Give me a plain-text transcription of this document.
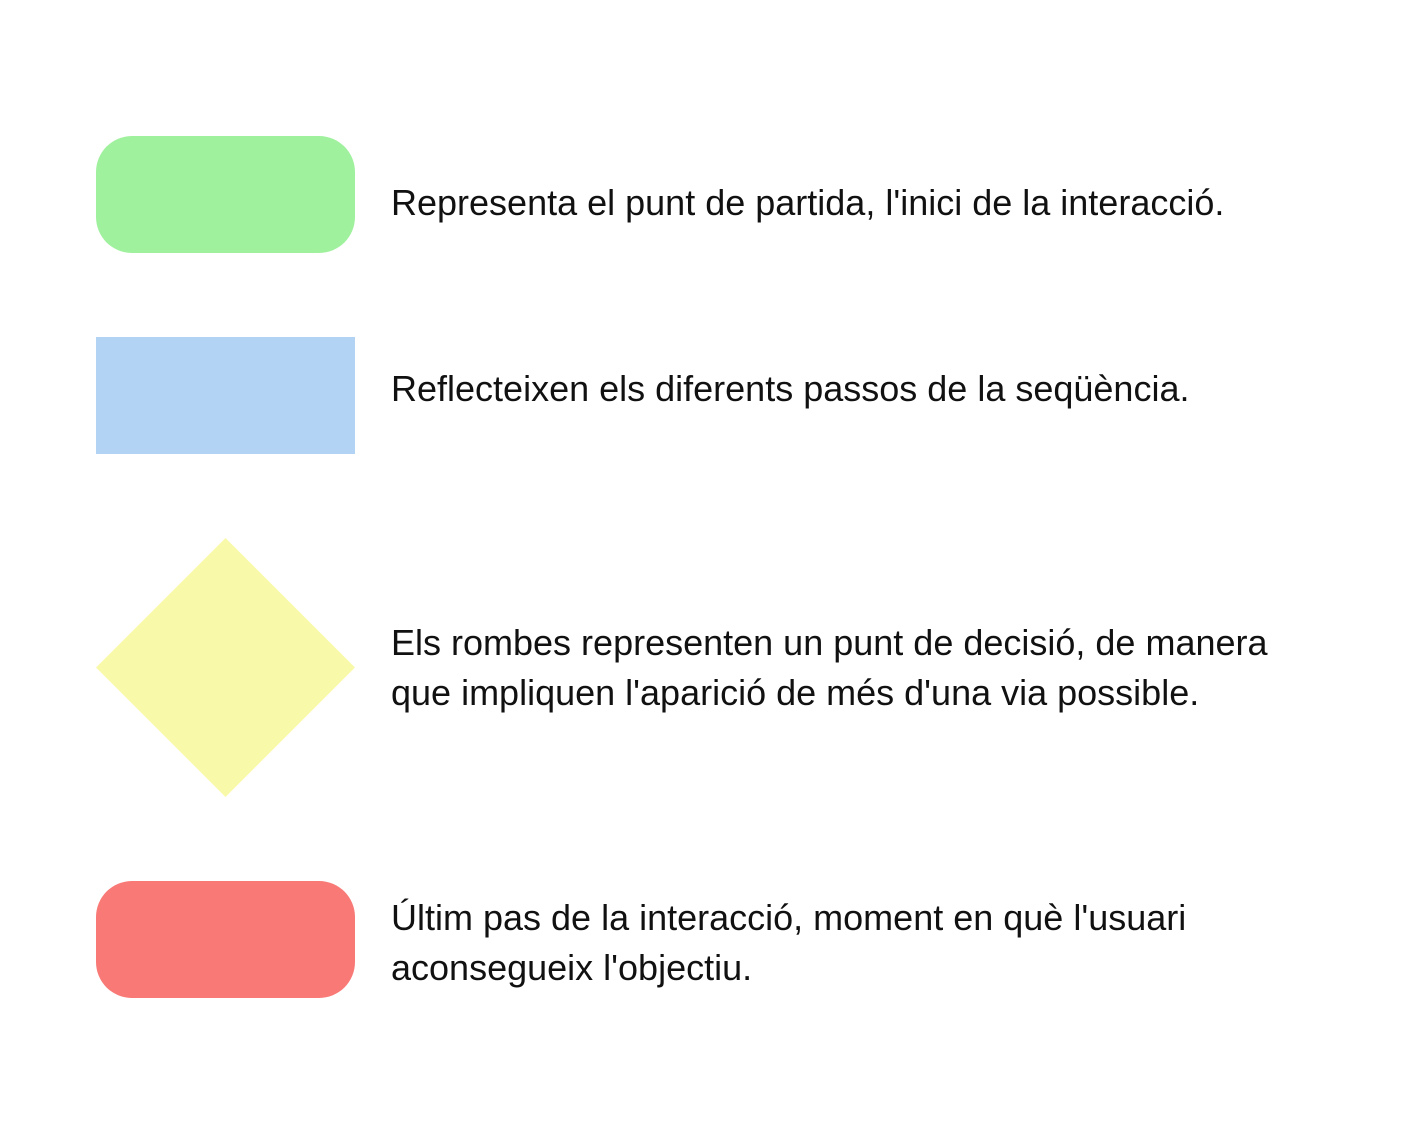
Representa el punt de partida, l'inici de la interacció.

Reflecteixen els diferents passos de la seqüència.

Els rombes representen un punt de decisió, de manera
que impliquen l'aparició de més d'una via possible.

Últim pas de la interacció, moment en què l'usuari
aconsegueix l'objectiu.
